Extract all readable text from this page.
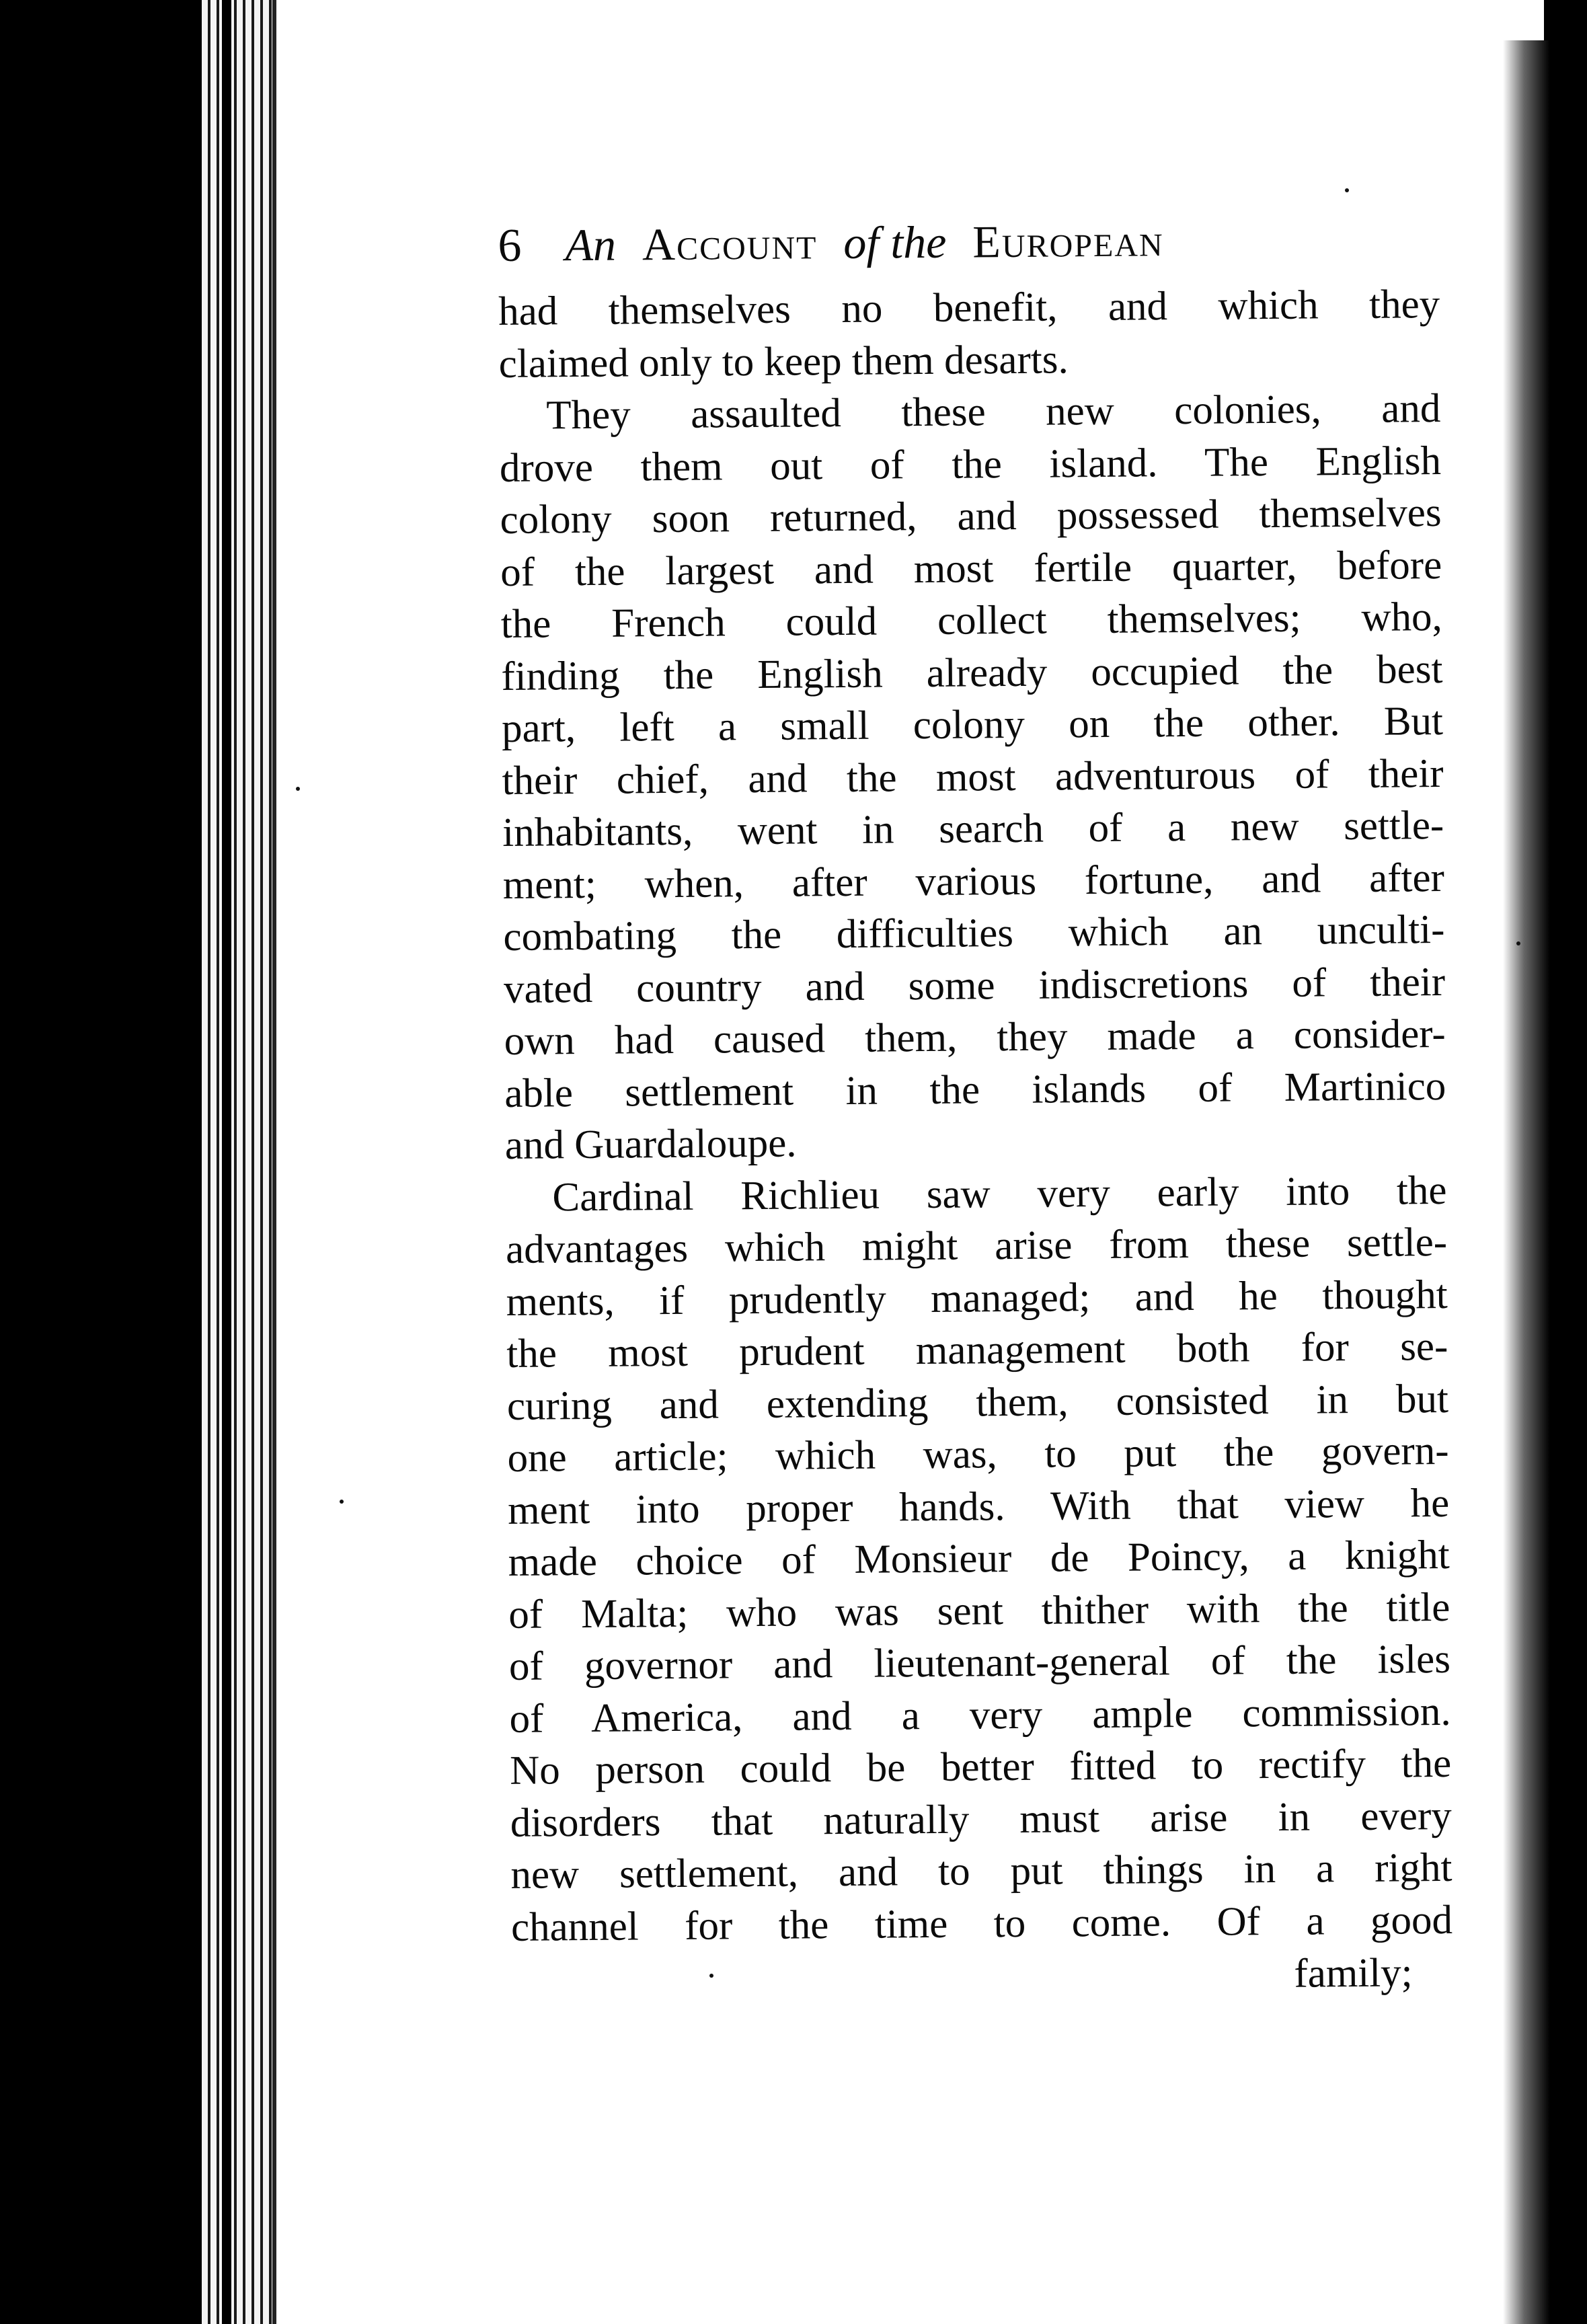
6 An Account of the European
had themselves no benefit, and which they
claimed only to keep them desarts.
They assaulted these new colonies, and
drove them out of the island. The English
colony soon returned, and possessed themselves
of the largest and most fertile quarter, before
the French could collect themselves; who,
finding the English already occupied the best
part, left a small colony on the other. But
their chief, and the most adventurous of their
inhabitants, went in search of a new settle-
ment; when, after various fortune, and after
combating the difficulties which an unculti-
vated country and some indiscretions of their
own had caused them, they made a consider-
able settlement in the islands of Martinico
and Guardaloupe.
Cardinal Richlieu saw very early into the
advantages which might arise from these settle-
ments, if prudently managed; and he thought
the most prudent management both for se-
curing and extending them, consisted in but
one article; which was, to put the govern-
ment into proper hands. With that view he
made choice of Monsieur de Poincy, a knight
of Malta; who was sent thither with the title
of governor and lieutenant-general of the isles
of America, and a very ample commission.
No person could be better fitted to rectify the
disorders that naturally must arise in every
new settlement, and to put things in a right
channel for the time to come. Of a good
family;
